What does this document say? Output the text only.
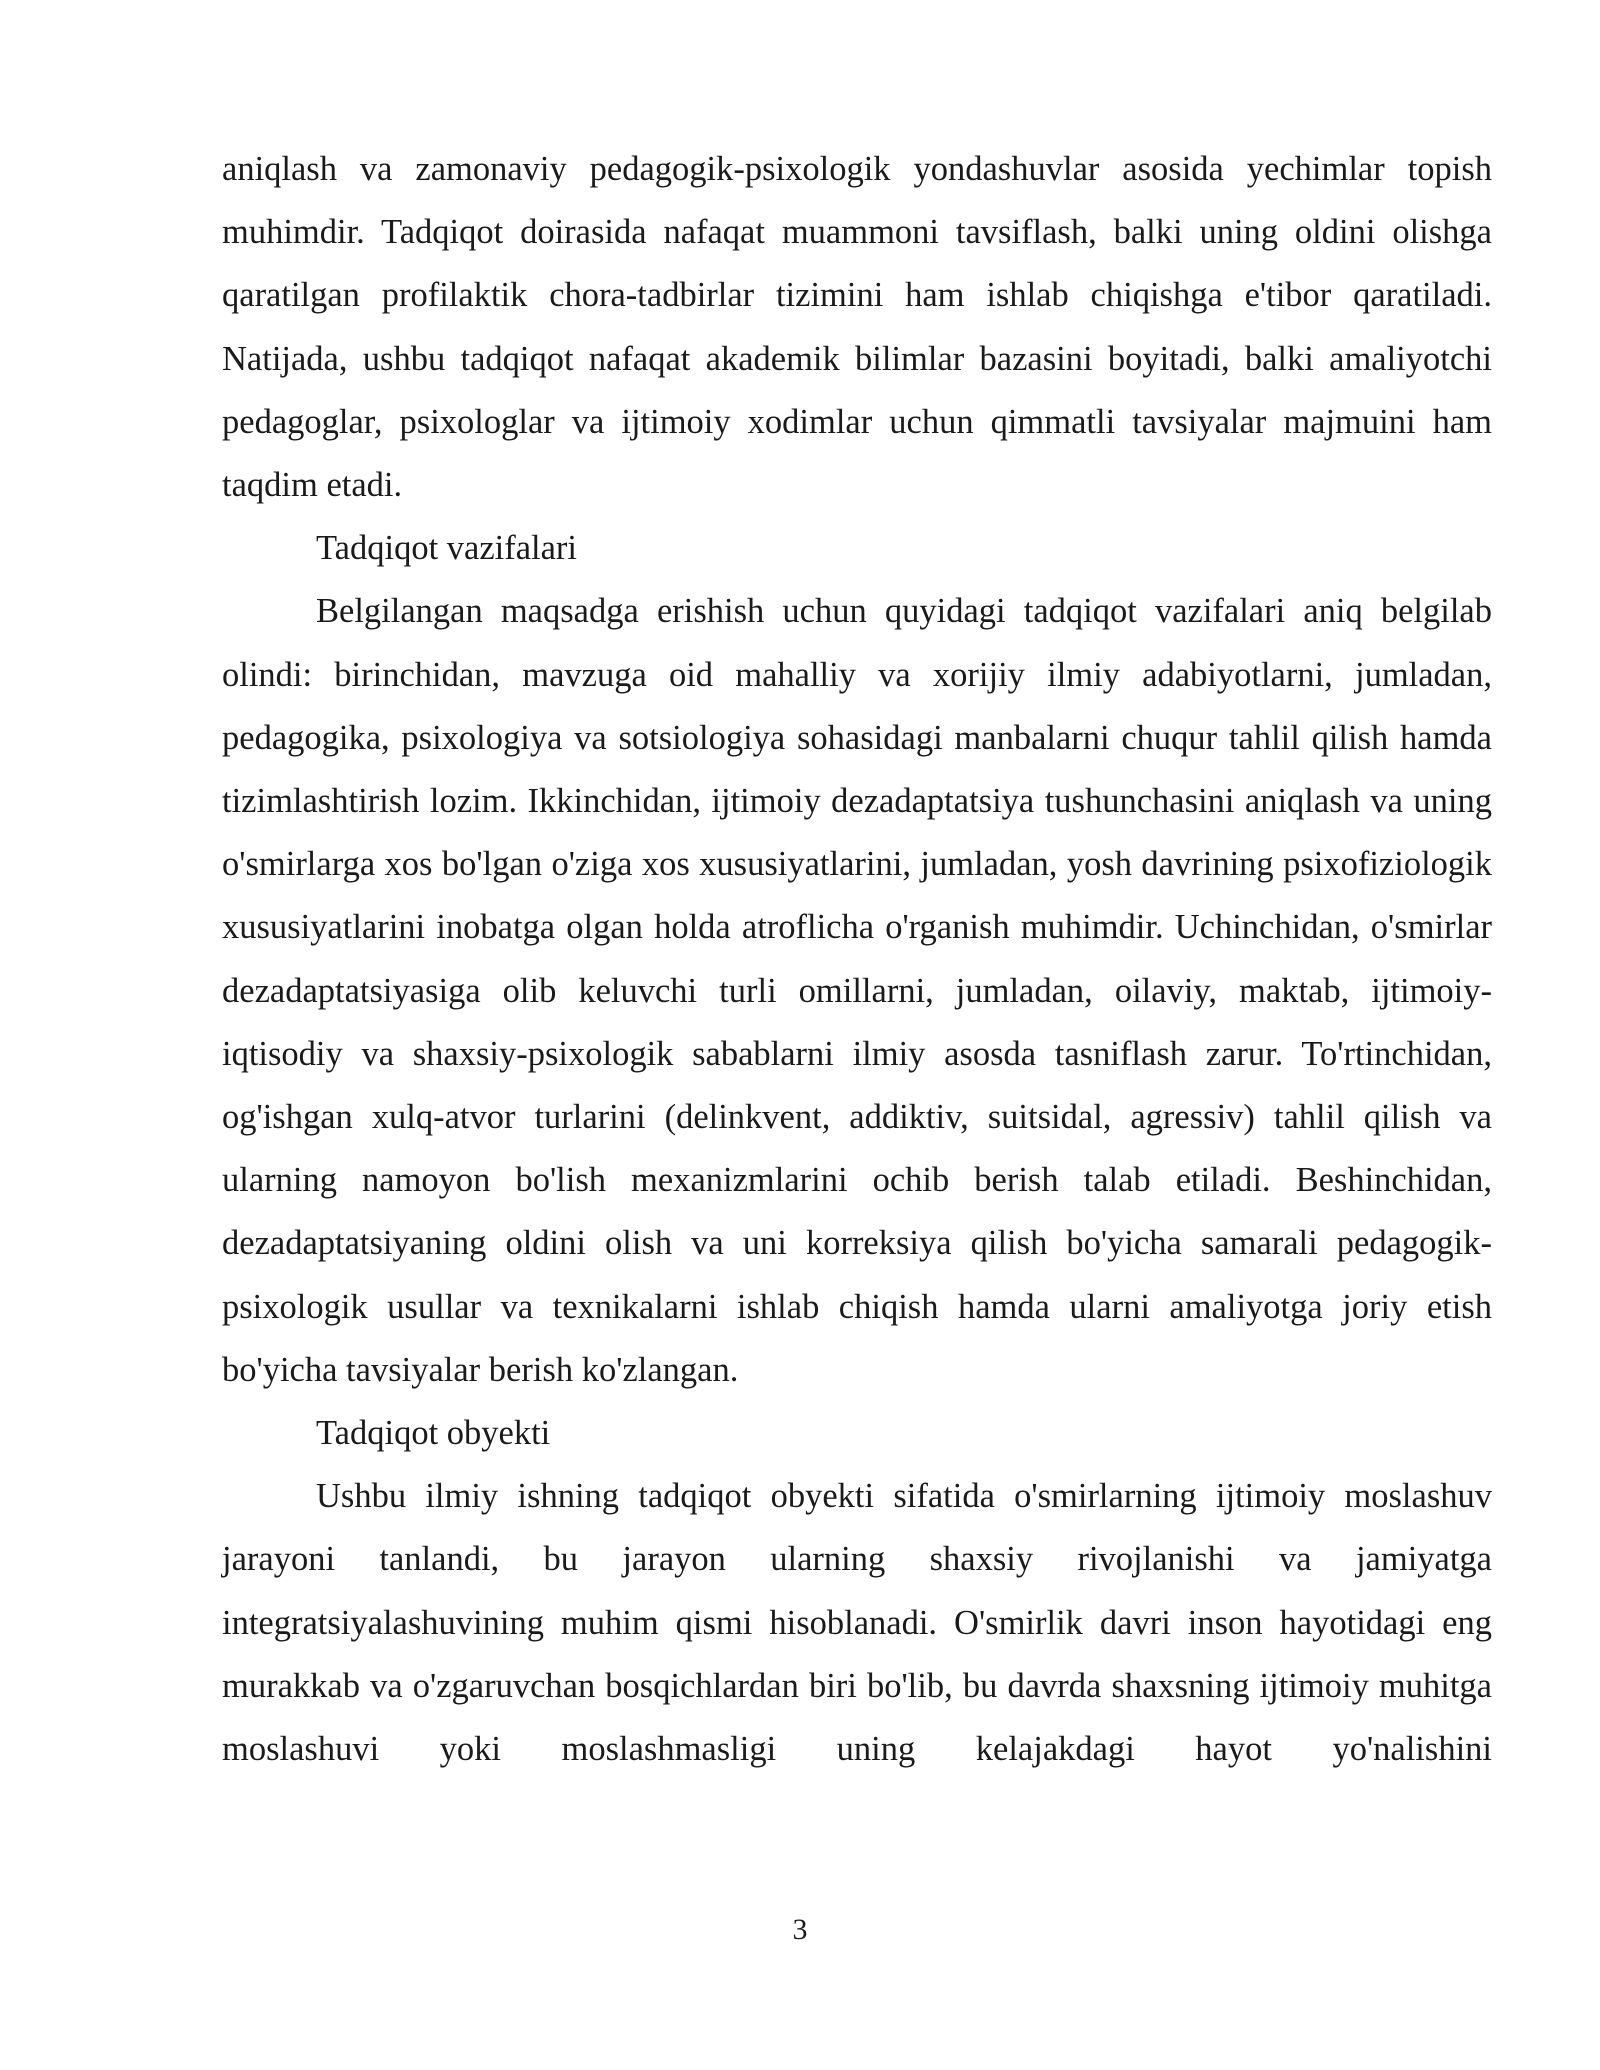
aniqlash va zamonaviy pedagogik-psixologik yondashuvlar asosida yechimlar topish muhimdir. Tadqiqot doirasida nafaqat muammoni tavsiflash, balki uning oldini olishga qaratilgan profilaktik chora-tadbirlar tizimini ham ishlab chiqishga e'tibor qaratiladi. Natijada, ushbu tadqiqot nafaqat akademik bilimlar bazasini boyitadi, balki amaliyotchi pedagoglar, psixologlar va ijtimoiy xodimlar uchun qimmatli tavsiyalar majmuini ham taqdim etadi.

Tadqiqot vazifalari

Belgilangan maqsadga erishish uchun quyidagi tadqiqot vazifalari aniq belgilab olindi: birinchidan, mavzuga oid mahalliy va xorijiy ilmiy adabiyotlarni, jumladan, pedagogika, psixologiya va sotsiologiya sohasidagi manbalarni chuqur tahlil qilish hamda tizimlashtirish lozim. Ikkinchidan, ijtimoiy dezadaptatsiya tushunchasini aniqlash va uning o'smirlarga xos bo'lgan o'ziga xos xususiyatlarini, jumladan, yosh davrining psixofiziologik xususiyatlarini inobatga olgan holda atroflicha o'rganish muhimdir. Uchinchidan, o'smirlar dezadaptatsiyasiga olib keluvchi turli omillarni, jumladan, oilaviy, maktab, ijtimoiy-iqtisodiy va shaxsiy-psixologik sabablarni ilmiy asosda tasniflash zarur. To'rtinchidan, og'ishgan xulq-atvor turlarini (delinkvent, addiktiv, suitsidal, agressiv) tahlil qilish va ularning namoyon bo'lish mexanizmlarini ochib berish talab etiladi. Beshinchidan, dezadaptatsiyaning oldini olish va uni korreksiya qilish bo'yicha samarali pedagogik-psixologik usullar va texnikalarni ishlab chiqish hamda ularni amaliyotga joriy etish bo'yicha tavsiyalar berish ko'zlangan.

Tadqiqot obyekti

Ushbu ilmiy ishning tadqiqot obyekti sifatida o'smirlarning ijtimoiy moslashuv jarayoni tanlandi, bu jarayon ularning shaxsiy rivojlanishi va jamiyatga integratsiyalashuvining muhim qismi hisoblanadi. O'smirlik davri inson hayotidagi eng murakkab va o'zgaruvchan bosqichlardan biri bo'lib, bu davrda shaxsning ijtimoiy muhitga moslashuvi yoki moslashmasligi uning kelajakdagi hayot yo'nalishini

3
